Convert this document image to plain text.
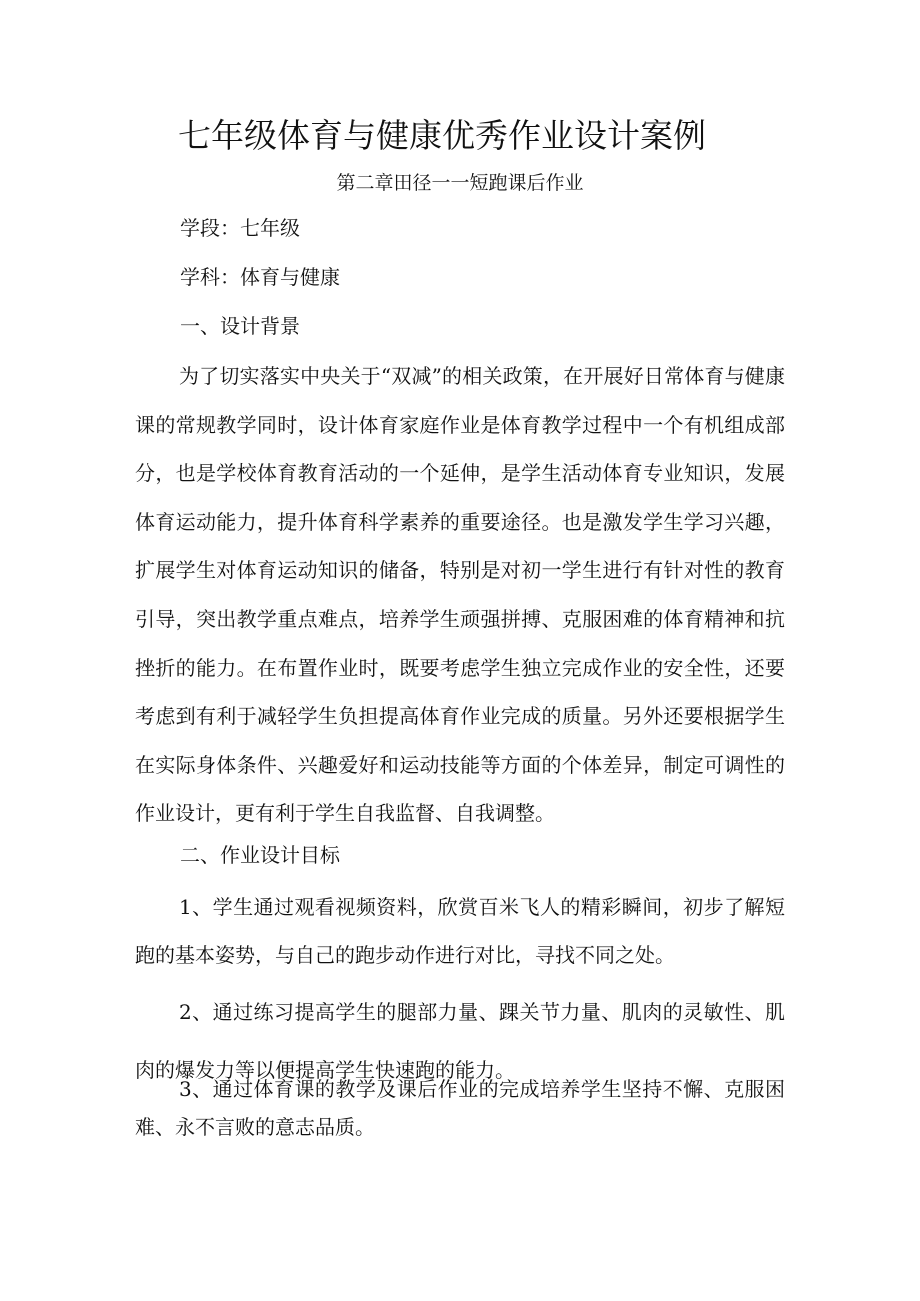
七年级体育与健康优秀作业设计案例
第二章田径一一短跑课后作业
学段：七年级
学科：体育与健康
一、设计背景
为了切实落实中央关于“双减”的相关政策，在开展好日常体育与健康课的常规教学同时，设计体育家庭作业是体育教学过程中一个有机组成部分，也是学校体育教育活动的一个延伸，是学生活动体育专业知识，发展体育运动能力，提升体育科学素养的重要途径。也是激发学生学习兴趣，扩展学生对体育运动知识的储备，特别是对初一学生进行有针对性的教育引导，突出教学重点难点，培养学生顽强拼搏、克服困难的体育精神和抗挫折的能力。在布置作业时，既要考虑学生独立完成作业的安全性，还要考虑到有利于减轻学生负担提高体育作业完成的质量。另外还要根据学生在实际身体条件、兴趣爱好和运动技能等方面的个体差异，制定可调性的作业设计，更有利于学生自我监督、自我调整。
二、作业设计目标
1、学生通过观看视频资料，欣赏百米飞人的精彩瞬间，初步了解短跑的基本姿势，与自己的跑步动作进行对比，寻找不同之处。
2、通过练习提高学生的腿部力量、踝关节力量、肌肉的灵敏性、肌肉的爆发力等以便提高学生快速跑的能力。
3、通过体育课的教学及课后作业的完成培养学生坚持不懈、克服困难、永不言败的意志品质。
